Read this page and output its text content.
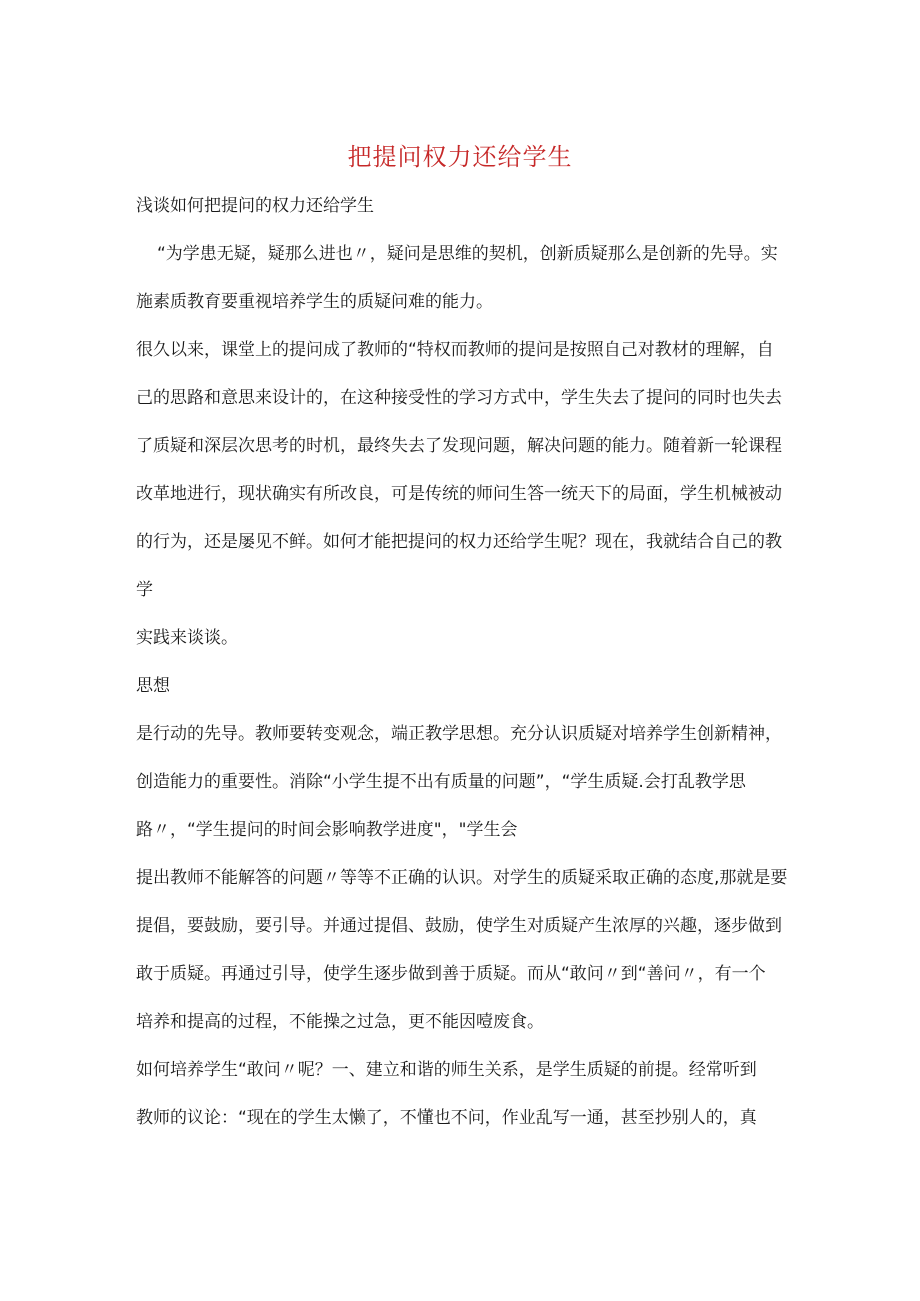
把提问权力还给学生
浅谈如何把提问的权力还给学生
“为学患无疑，疑那么进也〃，疑问是思维的契机，创新质疑那么是创新的先导。实
施素质教育要重视培养学生的质疑问难的能力。
很久以来，课堂上的提问成了教师的“特权而教师的提问是按照自己对教材的理解，自
己的思路和意思来设计的，在这种接受性的学习方式中，学生失去了提问的同时也失去
了质疑和深层次思考的时机，最终失去了发现问题，解决问题的能力。随着新一轮课程
改革地进行，现状确实有所改良，可是传统的师问生答一统天下的局面，学生机械被动
的行为，还是屡见不鲜。如何才能把提问的权力还给学生呢？现在，我就结合自己的教
学
实践来谈谈。
思想
是行动的先导。教师要转变观念，端正教学思想。充分认识质疑对培养学生创新精神，
创造能力的重要性。消除“小学生提不出有质量的问题”，“学生质疑.会打乱教学思
路〃，“学生提问的时间会影响教学进度"，"学生会
提出教师不能解答的问题〃等等不正确的认识。对学生的质疑采取正确的态度,那就是要
提倡，要鼓励，要引导。并通过提倡、鼓励，使学生对质疑产生浓厚的兴趣，逐步做到
敢于质疑。再通过引导，使学生逐步做到善于质疑。而从“敢问〃到“善问〃，有一个
培养和提高的过程，不能操之过急，更不能因噎废食。
如何培养学生“敢问〃呢？一、建立和谐的师生关系，是学生质疑的前提。经常听到
教师的议论：“现在的学生太懒了，不懂也不问，作业乱写一通，甚至抄别人的，真
